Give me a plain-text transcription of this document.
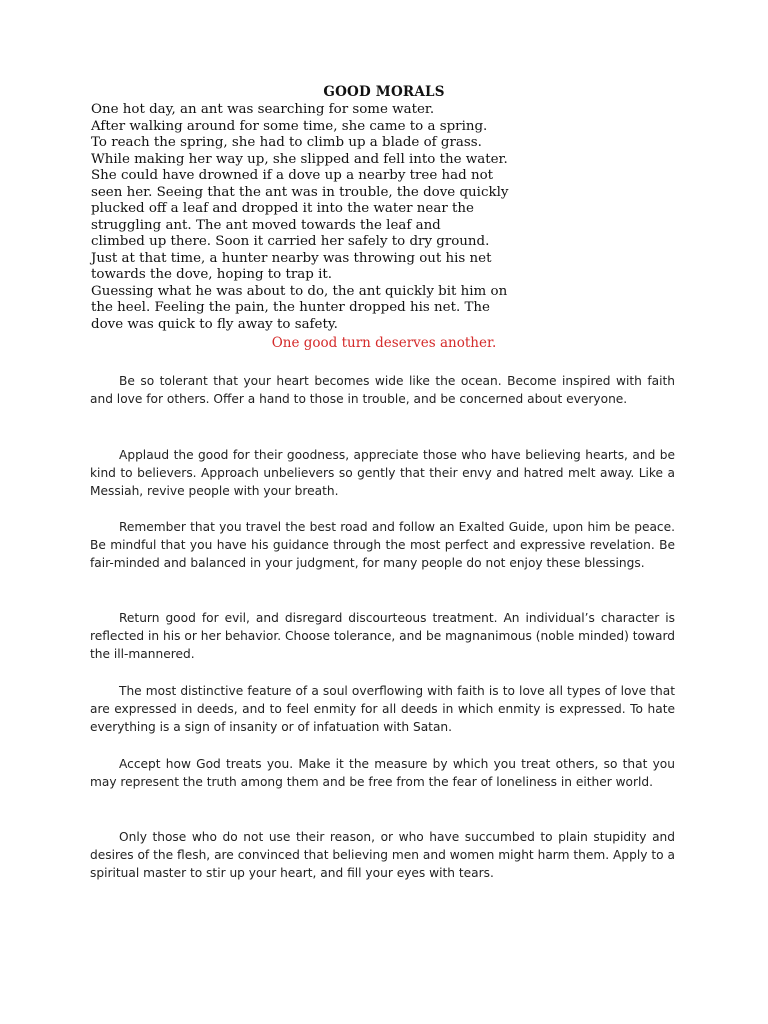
GOOD MORALS
One hot day, an ant was searching for some water.
After walking around for some time, she came to a spring.
To reach the spring, she had to climb up a blade of grass.
While making her way up, she slipped and fell into the water.
She could have drowned if a dove up a nearby tree had not
seen her. Seeing that the ant was in trouble, the dove quickly
plucked off a leaf and dropped it into the water near the
struggling ant. The ant moved towards the leaf and
climbed up there. Soon it carried her safely to dry ground.
Just at that time, a hunter nearby was throwing out his net
towards the dove, hoping to trap it.
Guessing what he was about to do, the ant quickly bit him on
the heel. Feeling the pain, the hunter dropped his net. The
dove was quick to fly away to safety.

One good turn deserves another.

Be so tolerant that your heart becomes wide like the ocean. Become inspired with faith and love for others. Offer a hand to those in trouble, and be concerned about everyone.

Applaud the good for their goodness, appreciate those who have believing hearts, and be kind to believers. Approach unbelievers so gently that their envy and hatred melt away. Like a Messiah, revive people with your breath.

Remember that you travel the best road and follow an Exalted Guide, upon him be peace. Be mindful that you have his guidance through the most perfect and expressive revelation. Be fair-minded and balanced in your judgment, for many people do not enjoy these blessings.

Return good for evil, and disregard discourteous treatment. An individual’s character is reflected in his or her behavior. Choose tolerance, and be magnanimous (noble minded) toward the ill-mannered.

The most distinctive feature of a soul overflowing with faith is to love all types of love that are expressed in deeds, and to feel enmity for all deeds in which enmity is expressed. To hate everything is a sign of insanity or of infatuation with Satan.

Accept how God treats you. Make it the measure by which you treat others, so that you may represent the truth among them and be free from the fear of loneliness in either world.

Only those who do not use their reason, or who have succumbed to plain stupidity and desires of the flesh, are convinced that believing men and women might harm them. Apply to a spiritual master to stir up your heart, and fill your eyes with tears.
